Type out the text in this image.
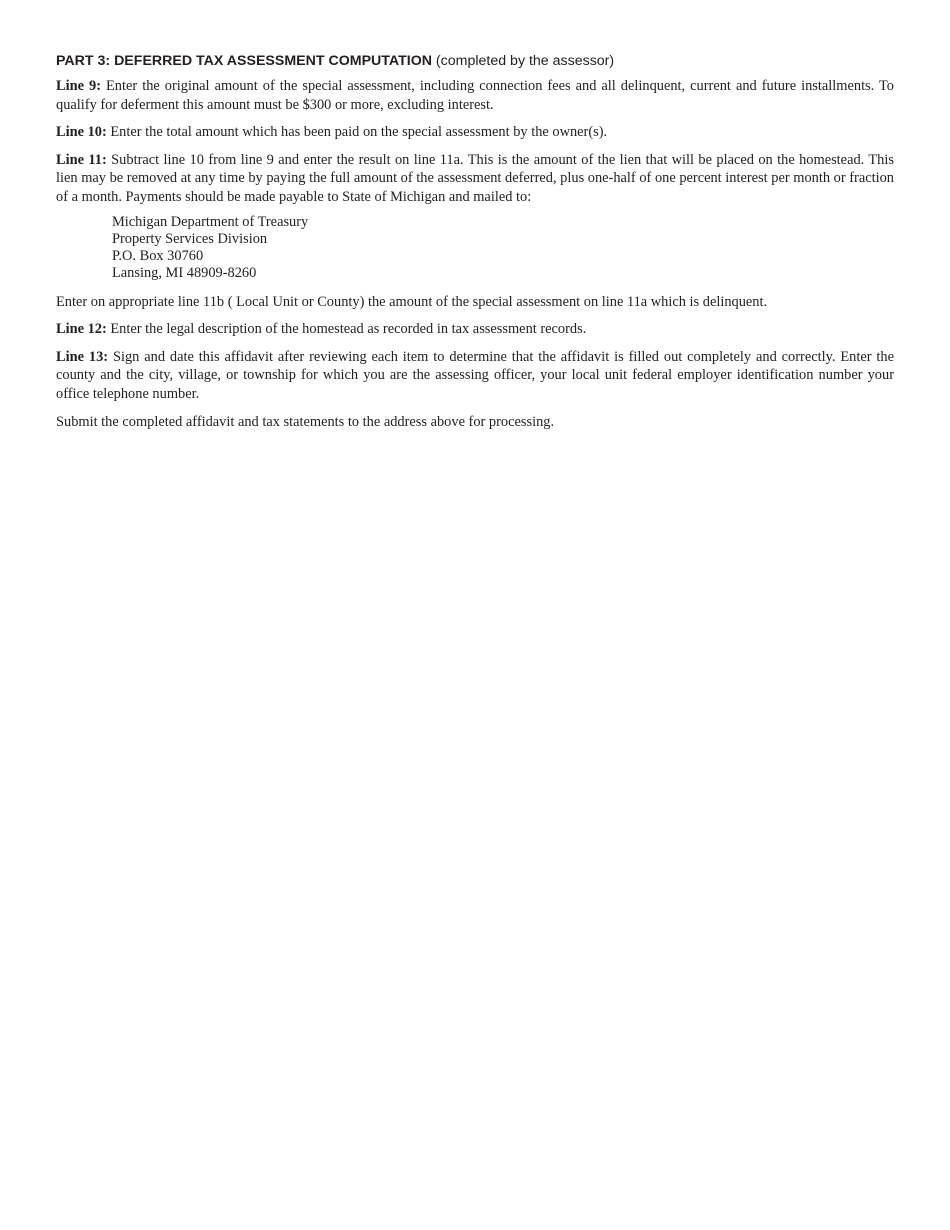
PART 3: DEFERRED TAX ASSESSMENT COMPUTATION (completed by the assessor)

Line 9: Enter the original amount of the special assessment, including connection fees and all delinquent, current and future installments. To qualify for deferment this amount must be $300 or more, excluding interest.

Line 10: Enter the total amount which has been paid on the special assessment by the owner(s).

Line 11: Subtract line 10 from line 9 and enter the result on line 11a. This is the amount of the lien that will be placed on the homestead. This lien may be removed at any time by paying the full amount of the assessment deferred, plus one-half of one percent interest per month or fraction of a month. Payments should be made payable to State of Michigan and mailed to:

Michigan Department of Treasury
Property Services Division
P.O. Box 30760
Lansing, MI 48909-8260

Enter on appropriate line 11b ( Local Unit or County) the amount of the special assessment on line 11a which is delinquent.

Line 12: Enter the legal description of the homestead as recorded in tax assessment records.

Line 13: Sign and date this affidavit after reviewing each item to determine that the affidavit is filled out completely and correctly. Enter the county and the city, village, or township for which you are the assessing officer, your local unit federal employer identification number your office telephone number.

Submit the completed affidavit and tax statements to the address above for processing.
